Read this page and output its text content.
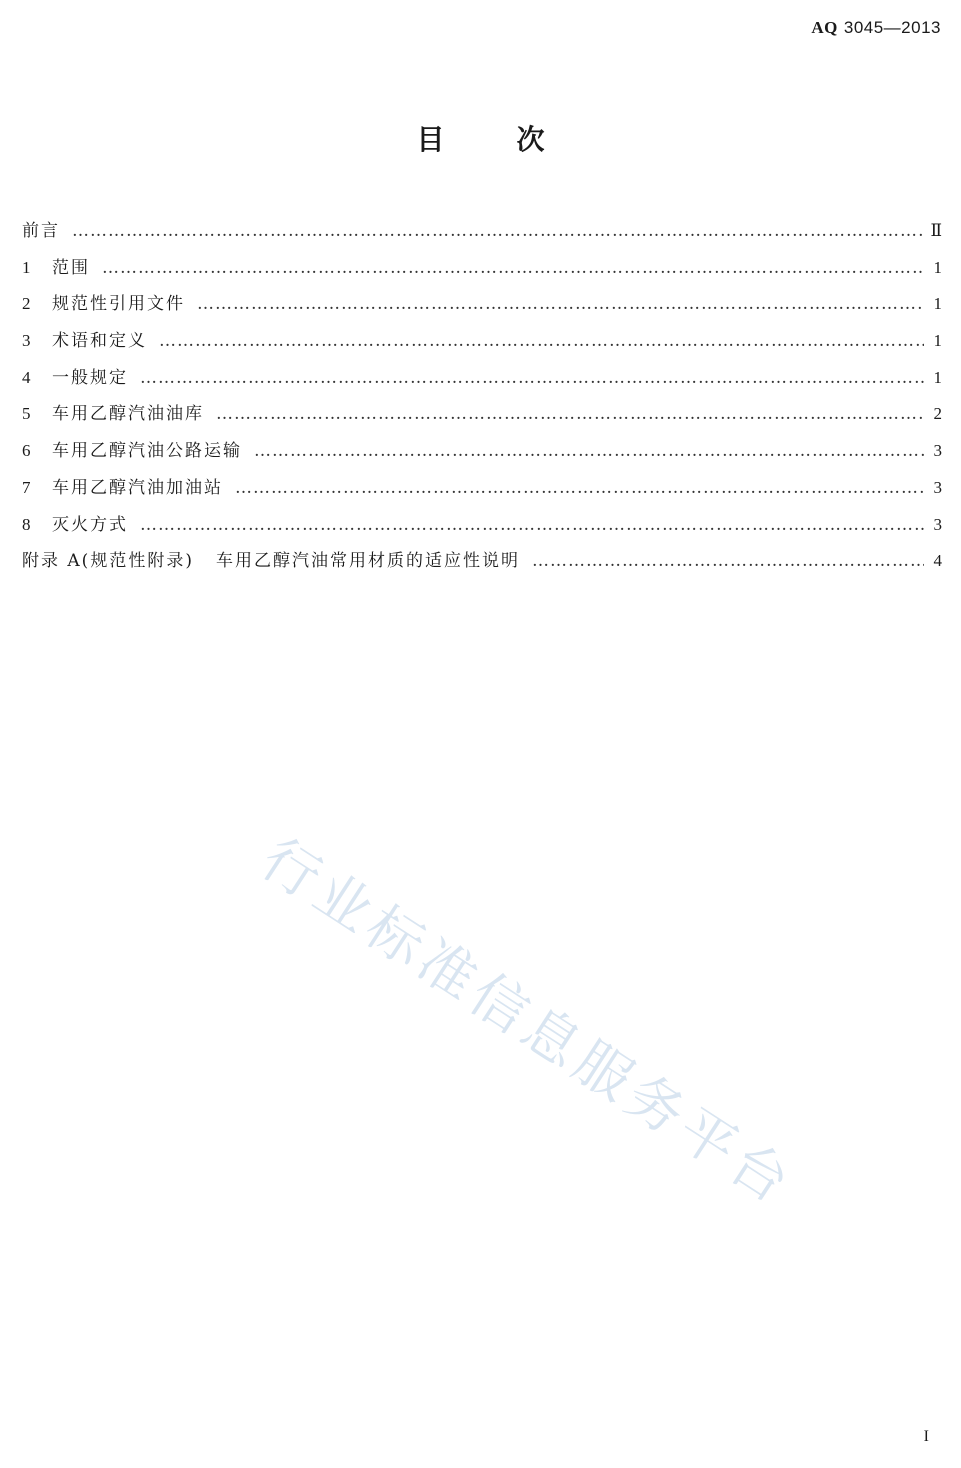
AQ 3045—2013
目次
前言 …………………………………………………………………………………………………………………………………………………………………………………………	Ⅱ
1	范围 …………………………………………………………………………………………………………………………………………………………………………………………	1
2	规范性引用文件 …………………………………………………………………………………………………………………………………………………………………………………………	1
3	术语和定义 …………………………………………………………………………………………………………………………………………………………………………………………	1
4	一般规定 …………………………………………………………………………………………………………………………………………………………………………………………	1
5	车用乙醇汽油油库 …………………………………………………………………………………………………………………………………………………………………………………………	2
6	车用乙醇汽油公路运输 …………………………………………………………………………………………………………………………………………………………………………………………	3
7	车用乙醇汽油加油站 …………………………………………………………………………………………………………………………………………………………………………………………	3
8	灭火方式 …………………………………………………………………………………………………………………………………………………………………………………………	3
附录 A(规范性附录) 车用乙醇汽油常用材质的适应性说明 …………………………………………………………………………………………………………………………………………………………………………………………	4
行业标准信息服务平台
I
